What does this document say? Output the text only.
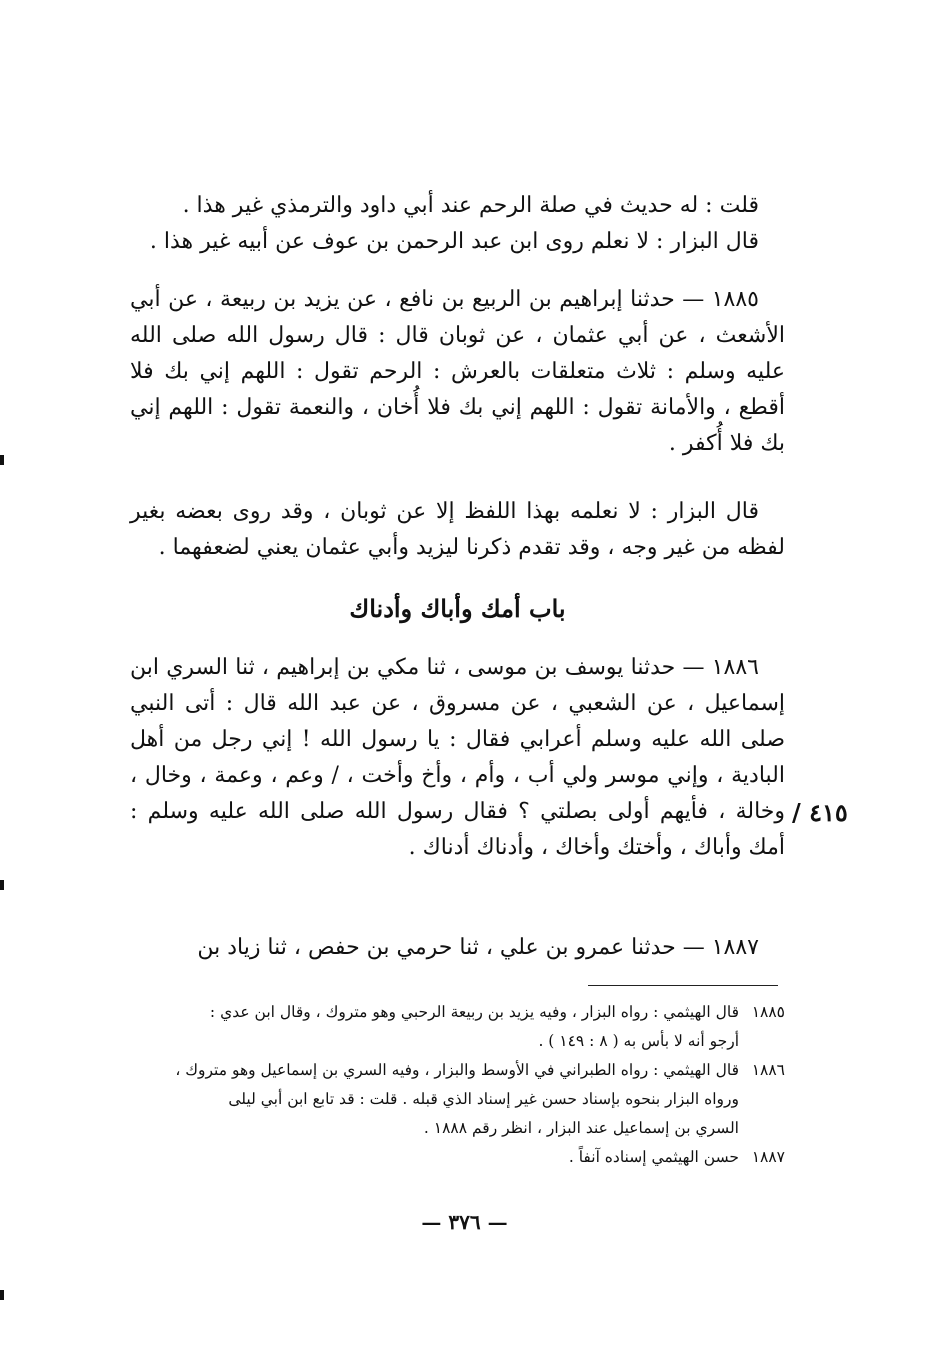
قلت : له حديث في صلة الرحم عند أبي داود والترمذي غير هذا .

قال البزار : لا نعلم روى ابن عبد الرحمن بن عوف عن أبيه غير هذا .

١٨٨٥ — حدثنا إبراهيم بن الربيع بن نافع ، عن يزيد بن ربيعة ، عن أبي الأشعث ، عن أبي عثمان ، عن ثوبان قال : قال رسول الله صلى الله عليه وسلم : ثلاث متعلقات بالعرش : الرحم تقول : اللهم إني بك فلا أقطع ، والأمانة تقول : اللهم إني بك فلا أُخان ، والنعمة تقول : اللهم إني بك فلا أُكفر .

قال البزار : لا نعلمه بهذا اللفظ إلا عن ثوبان ، وقد روى بعضه بغير لفظه من غير وجه ، وقد تقدم ذكرنا ليزيد وأبي عثمان يعني لضعفهما .

باب أمك وأباك وأدناك

١٨٨٦ — حدثنا يوسف بن موسى ، ثنا مكي بن إبراهيم ، ثنا السري ابن إسماعيل ، عن الشعبي ، عن مسروق ، عن عبد الله قال : أتى النبي صلى الله عليه وسلم أعرابي فقال : يا رسول الله ! إني رجل من أهل البادية ، وإني موسر ولي أب ، وأم ، وأخ وأخت ، / وعم ، وعمة ، وخال ، وخالة ، فأيهم أولى بصلتي ؟ فقال رسول الله صلى الله عليه وسلم : أمك وأباك ، وأختك وأخاك ، وأدناك أدناك .

٤١٥ /

١٨٨٧ — حدثنا عمرو بن علي ، ثنا حرمي بن حفص ، ثنا زياد بن

١٨٨٥
قال الهيثمي : رواه البزار ، وفيه يزيد بن ربيعة الرحبي وهو متروك ، وقال ابن عدي :
أرجو أنه لا بأس به ( ٨ : ١٤٩ ) .
١٨٨٦
قال الهيثمي : رواه الطبراني في الأوسط والبزار ، وفيه السري بن إسماعيل وهو متروك ،
ورواه البزار بنحوه بإسناد حسن غير إسناد الذي قبله . قلت : قد تابع ابن أبي ليلى
السري بن إسماعيل عند البزار ، انظر رقم ١٨٨٨ .
١٨٨٧
حسن الهيثمي إسناده آنفاً .
— ٣٧٦ —
